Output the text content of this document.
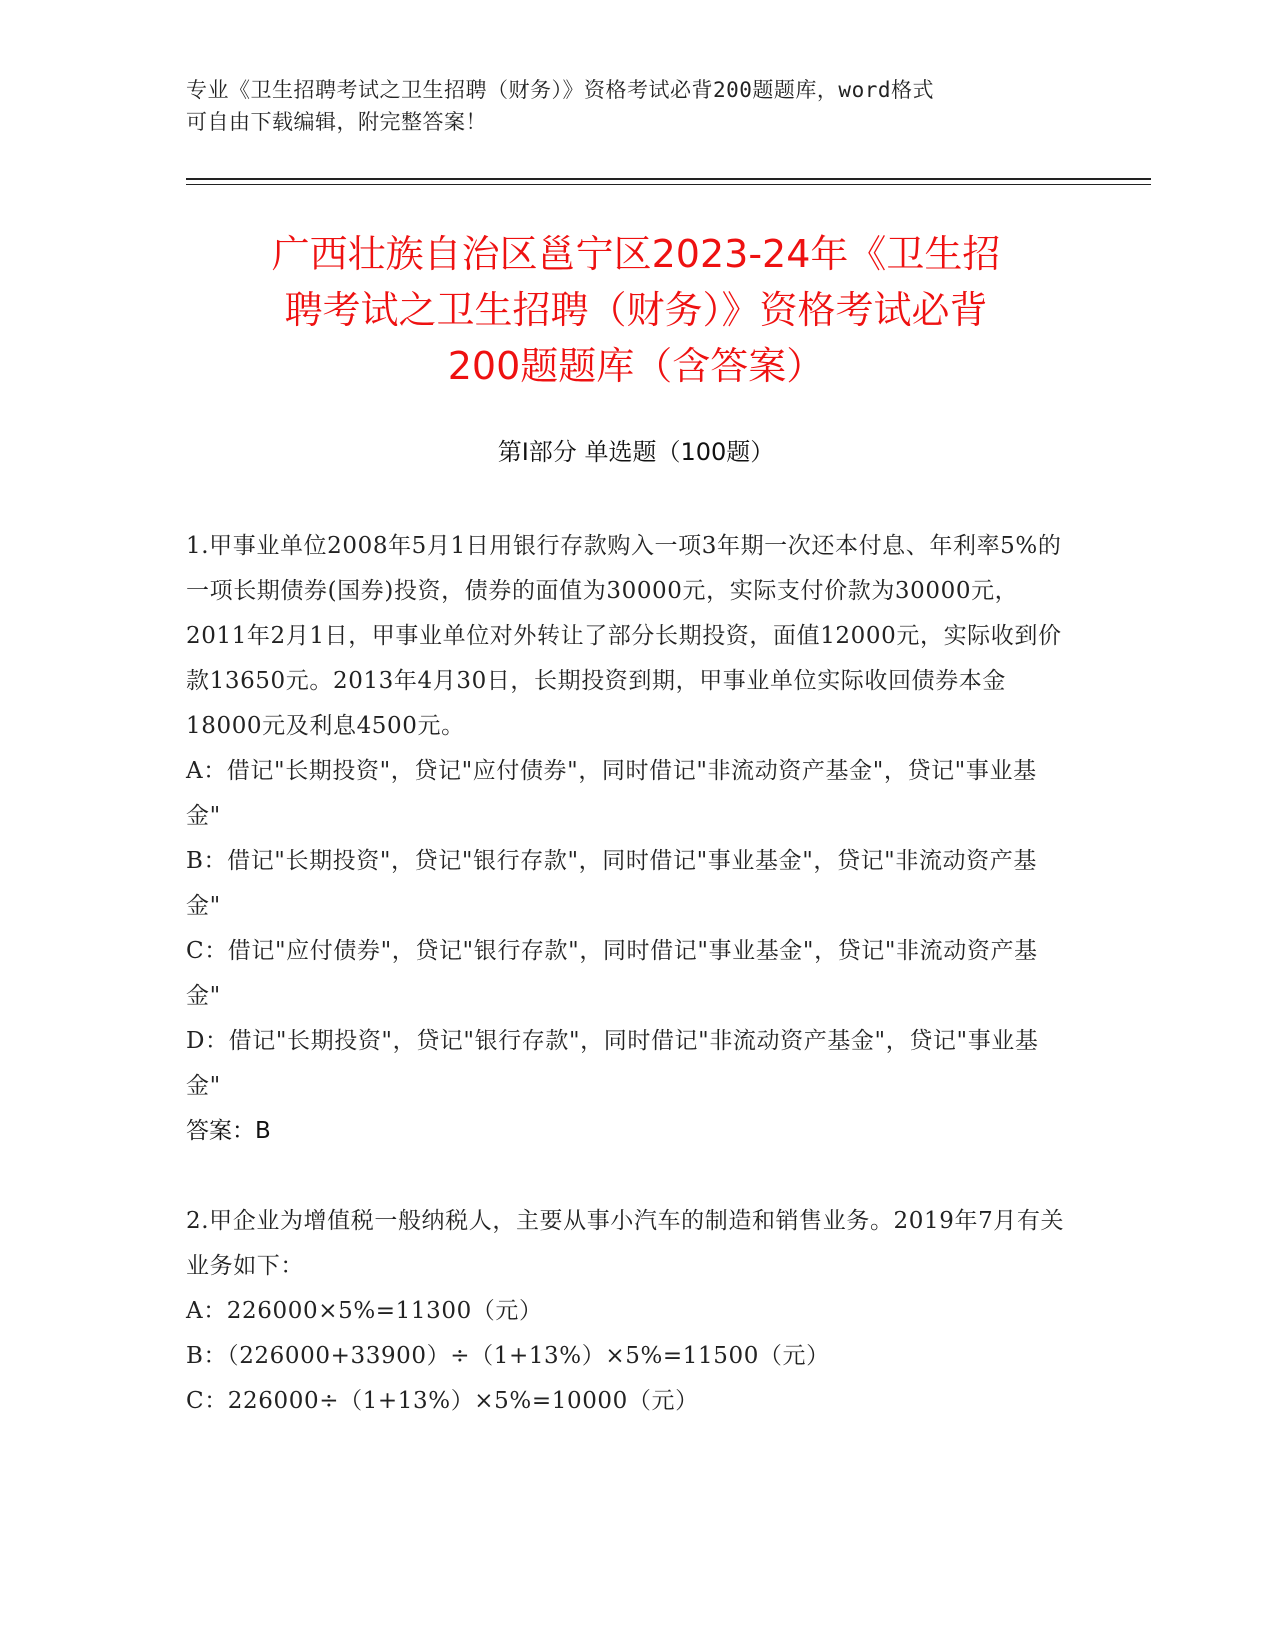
专业《卫生招聘考试之卫生招聘（财务）》资格考试必背200题题库，word格式
可自由下载编辑，附完整答案！
广西壮族自治区邕宁区2023-24年《卫生招
聘考试之卫生招聘（财务）》资格考试必背
200题题库（含答案）
第Ⅰ部分 单选题（100题）

1.甲事业单位2008年5月1日用银行存款购入一项3年期一次还本付息、年利率5%的一项长期债券(国券)投资，债券的面值为30000元，实际支付价款为30000元，2011年2月1日，甲事业单位对外转让了部分长期投资，面值12000元，实际收到价款13650元。2013年4月30日，长期投资到期，甲事业单位实际收回债券本金18000元及利息4500元。

A：借记"长期投资"，贷记"应付债券"，同时借记"非流动资产基金"，贷记"事业基金"

B：借记"长期投资"，贷记"银行存款"，同时借记"事业基金"，贷记"非流动资产基金"

C：借记"应付债券"，贷记"银行存款"，同时借记"事业基金"，贷记"非流动资产基金"

D：借记"长期投资"，贷记"银行存款"，同时借记"非流动资产基金"，贷记"事业基金"

答案：B

2.甲企业为增值税一般纳税人，主要从事小汽车的制造和销售业务。2019年7月有关业务如下：

A：226000×5%=11300（元）

B：（226000+33900）÷（1+13%）×5%=11500（元）

C：226000÷（1+13%）×5%=10000（元）
